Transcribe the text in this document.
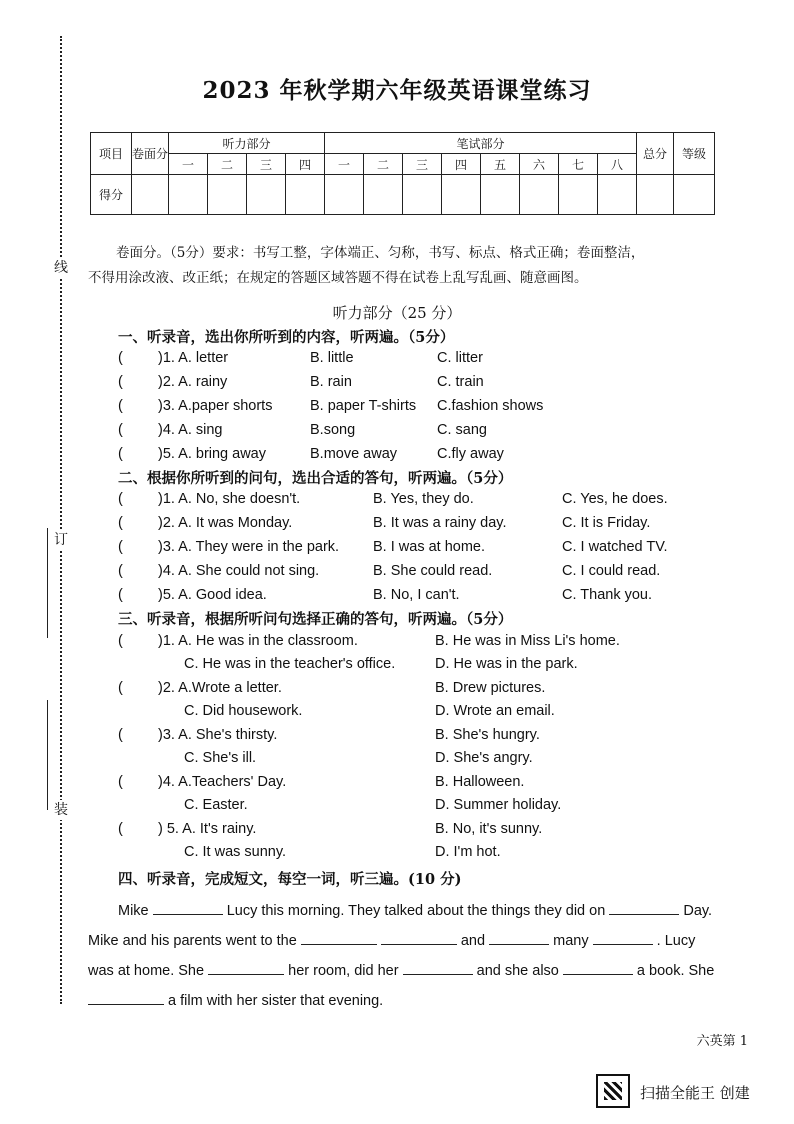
线
订
装
2023 年秋学期六年级英语课堂练习
项目	卷面分	听力部分				笔试部分								总分	等级
		一	二	三	四	一	二	三	四	五	六	七	八		
得分															
卷面分。（5分）要求：书写工整，字体端正、匀称，书写、标点、格式正确；卷面整洁，
不得用涂改液、改正纸；在规定的答题区域答题不得在试卷上乱写乱画、随意画图。
听力部分（25 分）
一、听录音，选出你所听到的内容，听两遍。（5分）
二、根据你所听到的问句，选出合适的答句，听两遍。（5分）
三、听录音，根据所听问句选择正确的答句，听两遍。（5分）
四、听录音，完成短文，每空一词，听三遍。(10 分)
Mike	Lucy this morning. They talked about the things they did on	Day.
Mike and his parents went to the	and	many	. Lucy
was at home. She	her room, did her	and she also	a book. She
a film with her sister that evening.
六英第 1
扫描全能王 创建
( )1. A. letter	B. little	C. litter
( )2. A. rainy	B. rain	C. train
( )3. A.paper shorts	B. paper T-shirts C.fashion shows
( )4. A. sing	B.song	C. sang
( )5. A. bring away	B.move away	C.fly away
( )1. A. No, she doesn't.	B. Yes, they do.	C. Yes, he does.
( )2. A. It was Monday.	B. It was a rainy day.	C. It is Friday.
( )3. A. They were in the park. B. I was at home.	C. I watched TV.
( )4. A. She could not sing.	B. She could read.	C. I could read.
( )5. A. Good idea.	B. No, I can't.	C. Thank you.
( )1. A. He was in the classroom.	B. He was in Miss Li's home.
C. He was in the teacher's office.	D. He was in the park.
( )2. A.Wrote a letter.	B. Drew pictures.
C. Did housework.	D. Wrote an email.
( )3. A. She's thirsty.	B. She's hungry.
C. She's ill.	D. She's angry.
( )4. A.Teachers' Day.	B. Halloween.
C. Easter.	D. Summer holiday.
( ) 5. A. It's rainy.	B. No, it's sunny.
C. It was sunny.	D. I'm hot.
